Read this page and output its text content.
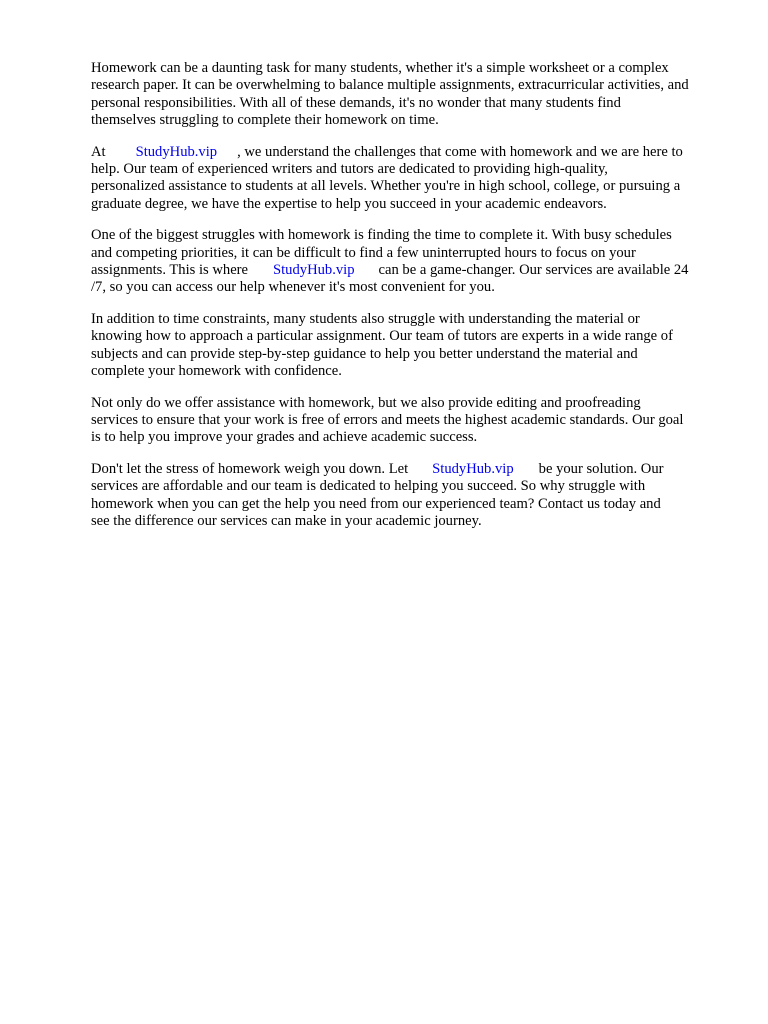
Homework can be a daunting task for many students, whether it's a simple worksheet or a complex
research paper. It can be overwhelming to balance multiple assignments, extracurricular activities, and
personal responsibilities. With all of these demands, it's no wonder that many students find
themselves struggling to complete their homework on time.

At StudyHub.vip , we understand the challenges that come with homework and we are here to
help. Our team of experienced writers and tutors are dedicated to providing high-quality,
personalized assistance to students at all levels. Whether you're in high school, college, or pursuing a
graduate degree, we have the expertise to help you succeed in your academic endeavors.

One of the biggest struggles with homework is finding the time to complete it. With busy schedules
and competing priorities, it can be difficult to find a few uninterrupted hours to focus on your
assignments. This is where StudyHub.vip can be a game-changer. Our services are available 24
/7, so you can access our help whenever it's most convenient for you.

In addition to time constraints, many students also struggle with understanding the material or
knowing how to approach a particular assignment. Our team of tutors are experts in a wide range of
subjects and can provide step-by-step guidance to help you better understand the material and
complete your homework with confidence.

Not only do we offer assistance with homework, but we also provide editing and proofreading
services to ensure that your work is free of errors and meets the highest academic standards. Our goal
is to help you improve your grades and achieve academic success.

Don't let the stress of homework weigh you down. Let StudyHub.vip be your solution. Our
services are affordable and our team is dedicated to helping you succeed. So why struggle with
homework when you can get the help you need from our experienced team? Contact us today and
see the difference our services can make in your academic journey.
